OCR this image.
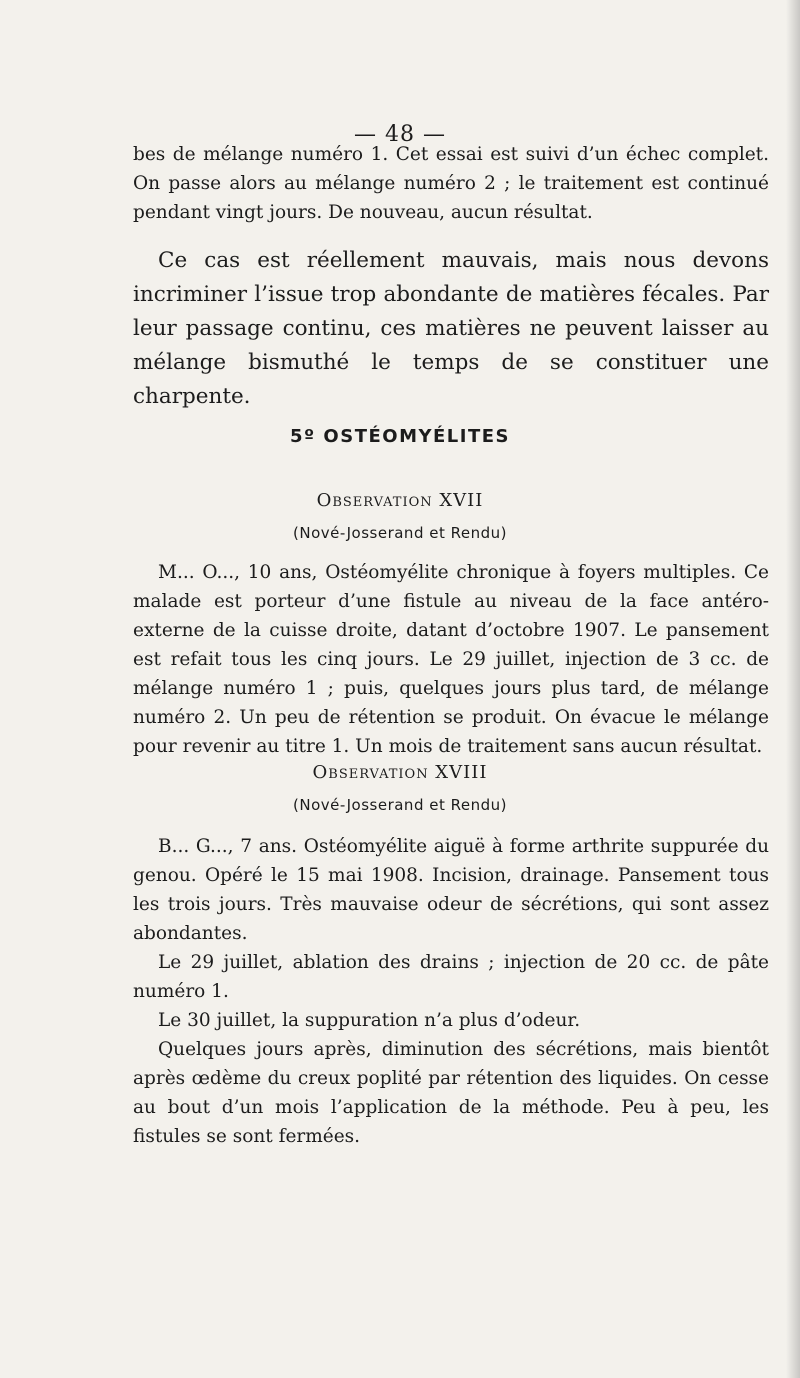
— 48 —

bes de mélange numéro 1. Cet essai est suivi d’un échec complet. On passe alors au mélange numéro 2 ; le traitement est continué pendant vingt jours. De nouveau, aucun résultat.

Ce cas est réellement mauvais, mais nous devons incriminer l’issue trop abondante de matières fécales. Par leur passage continu, ces matières ne peuvent laisser au mélange bismuthé le temps de se constituer une charpente.

5º OSTÉOMYÉLITES
Observation XVII
(Nové-Josserand et Rendu)

M... O..., 10 ans, Ostéomyélite chronique à foyers multiples. Ce malade est porteur d’une fistule au niveau de la face antéro-externe de la cuisse droite, datant d’octobre 1907. Le pansement est refait tous les cinq jours. Le 29 juillet, injection de 3 cc. de mélange numéro 1 ; puis, quelques jours plus tard, de mélange numéro 2. Un peu de rétention se produit. On évacue le mélange pour revenir au titre 1. Un mois de traitement sans aucun résultat.

Observation XVIII
(Nové-Josserand et Rendu)

B... G..., 7 ans. Ostéomyélite aiguë à forme arthrite suppurée du genou. Opéré le 15 mai 1908. Incision, drainage. Pansement tous les trois jours. Très mauvaise odeur de sécrétions, qui sont assez abondantes.

Le 29 juillet, ablation des drains ; injection de 20 cc. de pâte numéro 1.

Le 30 juillet, la suppuration n’a plus d’odeur.

Quelques jours après, diminution des sécrétions, mais bientôt après œdème du creux poplité par rétention des liquides. On cesse au bout d’un mois l’application de la méthode. Peu à peu, les fistules se sont fermées.
